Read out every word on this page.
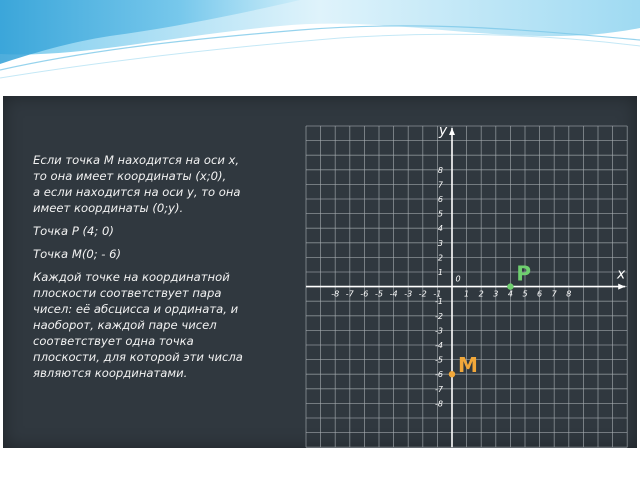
-8 -7 -6 -5 -4 -3 -2 -1	1 2 3 4 5 6 7 8
8
7
6
5
4
3
2
1
-1
-2
-3
-4
-5
-6
-7
-8
0	x
y
P
M

Если точка М находится на оси х,
то она имеет координаты (х;0),
а если находится на оси у, то она
имеет координаты (0;у).

Точка Р (4; 0)

Точка М(0; - 6)

Каждой точке на координатной
плоскости соответствует пара
чисел: её абсцисса и ордината, и
наоборот, каждой паре чисел
соответствует одна точка
плоскости, для которой эти числа
являются координатами.
